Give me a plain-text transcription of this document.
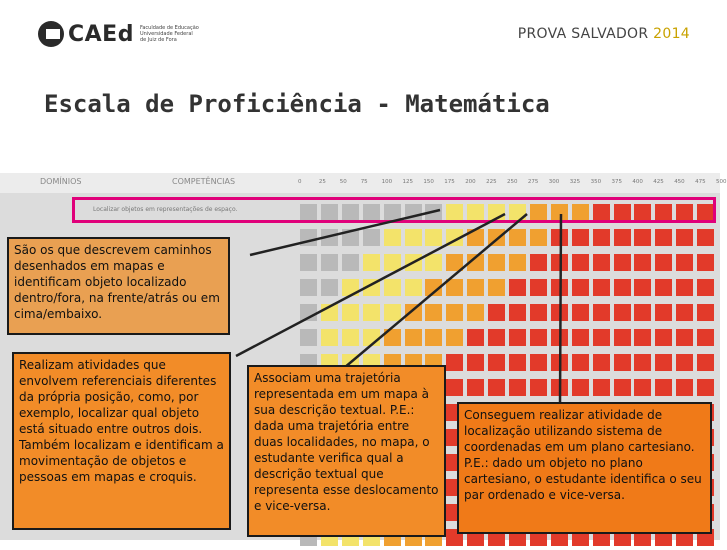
CAEd Faculdade de Educação Universidade Federal de Juiz de Fora	PROVA SALVADOR 2014
Escala de Proficiência - Matemática
DOMÍNIOS	COMPETÊNCIAS	0	25	50	75	100 125 150 175 200 225 250 275 300 325 350 375 400 425 450 475 500
Localizar objetos em representações de espaço.
São os que descrevem caminhos desenhados em mapas e identificam objeto localizado dentro/fora, na frente/atrás ou em cima/embaixo.
Realizam atividades que envolvem referenciais diferentes da própria posição, como, por exemplo, localizar qual objeto está situado entre outros dois. Também localizam e identificam a movimentação de objetos e pessoas em mapas e croquis.
Associam uma trajetória representada em um mapa à sua descrição textual. P.E.: dada uma trajetória entre duas localidades, no mapa, o estudante verifica qual a descrição textual que representa esse deslocamento e vice-versa.
Conseguem realizar atividade de localização utilizando sistema de coordenadas em um plano cartesiano. P.E.: dado um objeto no plano cartesiano, o estudante identifica o seu par ordenado e vice-versa.
